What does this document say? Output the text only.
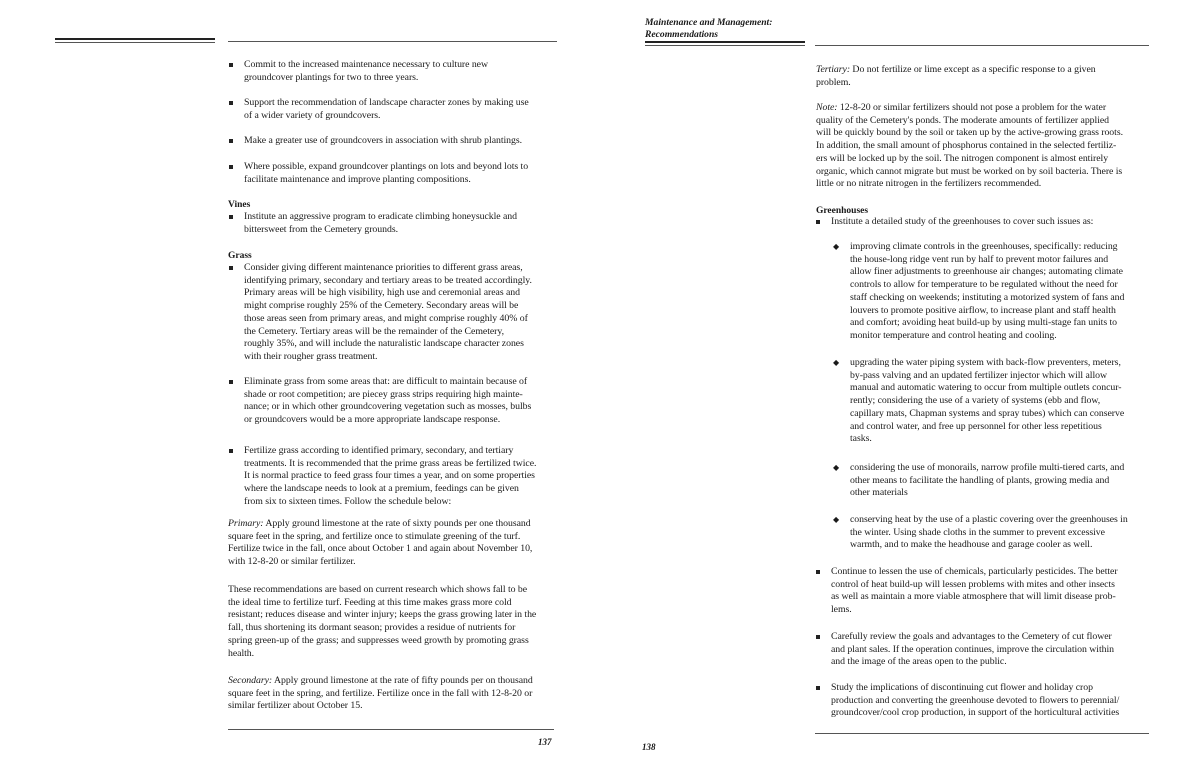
Commit to the increased maintenance necessary to culture new
groundcover plantings for two to three years.
Support the recommendation of landscape character zones by making use
of a wider variety of groundcovers.
Make a greater use of groundcovers in association with shrub plantings.
Where possible, expand groundcover plantings on lots and beyond lots to
facilitate maintenance and improve planting compositions.
Vines
Institute an aggressive program to eradicate climbing honeysuckle and
bittersweet from the Cemetery grounds.
Grass
Consider giving different maintenance priorities to different grass areas,
identifying primary, secondary and tertiary areas to be treated accordingly.
Primary areas will be high visibility, high use and ceremonial areas and
might comprise roughly 25% of the Cemetery. Secondary areas will be
those areas seen from primary areas, and might comprise roughly 40% of
the Cemetery. Tertiary areas will be the remainder of the Cemetery,
roughly 35%, and will include the naturalistic landscape character zones
with their rougher grass treatment.
Eliminate grass from some areas that: are difficult to maintain because of
shade or root competition; are piecey grass strips requiring high mainte-
nance; or in which other groundcovering vegetation such as mosses, bulbs
or groundcovers would be a more appropriate landscape response.
Fertilize grass according to identified primary, secondary, and tertiary
treatments. It is recommended that the prime grass areas be fertilized twice.
It is normal practice to feed grass four times a year, and on some properties
where the landscape needs to look at a premium, feedings can be given
from six to sixteen times. Follow the schedule below:
Primary: Apply ground limestone at the rate of sixty pounds per one thousand
square feet in the spring, and fertilize once to stimulate greening of the turf.
Fertilize twice in the fall, once about October 1 and again about November 10,
with 12-8-20 or similar fertilizer.
These recommendations are based on current research which shows fall to be
the ideal time to fertilize turf. Feeding at this time makes grass more cold
resistant; reduces disease and winter injury; keeps the grass growing later in the
fall, thus shortening its dormant season; provides a residue of nutrients for
spring green-up of the grass; and suppresses weed growth by promoting grass
health.
Secondary: Apply ground limestone at the rate of fifty pounds per on thousand
square feet in the spring, and fertilize. Fertilize once in the fall with 12-8-20 or
similar fertilizer about October 15.
137
Maintenance and Management:
Recommendations
Tertiary: Do not fertilize or lime except as a specific response to a given
problem.
Note: 12-8-20 or similar fertilizers should not pose a problem for the water
quality of the Cemetery's ponds. The moderate amounts of fertilizer applied
will be quickly bound by the soil or taken up by the active-growing grass roots.
In addition, the small amount of phosphorus contained in the selected fertiliz-
ers will be locked up by the soil. The nitrogen component is almost entirely
organic, which cannot migrate but must be worked on by soil bacteria. There is
little or no nitrate nitrogen in the fertilizers recommended.
Greenhouses
Institute a detailed study of the greenhouses to cover such issues as:
◆ improving climate controls in the greenhouses, specifically: reducing
the house-long ridge vent run by half to prevent motor failures and
allow finer adjustments to greenhouse air changes; automating climate
controls to allow for temperature to be regulated without the need for
staff checking on weekends; instituting a motorized system of fans and
louvers to promote positive airflow, to increase plant and staff health
and comfort; avoiding heat build-up by using multi-stage fan units to
monitor temperature and control heating and cooling.
◆ upgrading the water piping system with back-flow preventers, meters,
by-pass valving and an updated fertilizer injector which will allow
manual and automatic watering to occur from multiple outlets concur-
rently; considering the use of a variety of systems (ebb and flow,
capillary mats, Chapman systems and spray tubes) which can conserve
and control water, and free up personnel for other less repetitious
tasks.
◆ considering the use of monorails, narrow profile multi-tiered carts, and
other means to facilitate the handling of plants, growing media and
other materials
◆ conserving heat by the use of a plastic covering over the greenhouses in
the winter. Using shade cloths in the summer to prevent excessive
warmth, and to make the headhouse and garage cooler as well.
Continue to lessen the use of chemicals, particularly pesticides. The better
control of heat build-up will lessen problems with mites and other insects
as well as maintain a more viable atmosphere that will limit disease prob-
lems.
Carefully review the goals and advantages to the Cemetery of cut flower
and plant sales. If the operation continues, improve the circulation within
and the image of the areas open to the public.
Study the implications of discontinuing cut flower and holiday crop
production and converting the greenhouse devoted to flowers to perennial/
groundcover/cool crop production, in support of the horticultural activities
138
